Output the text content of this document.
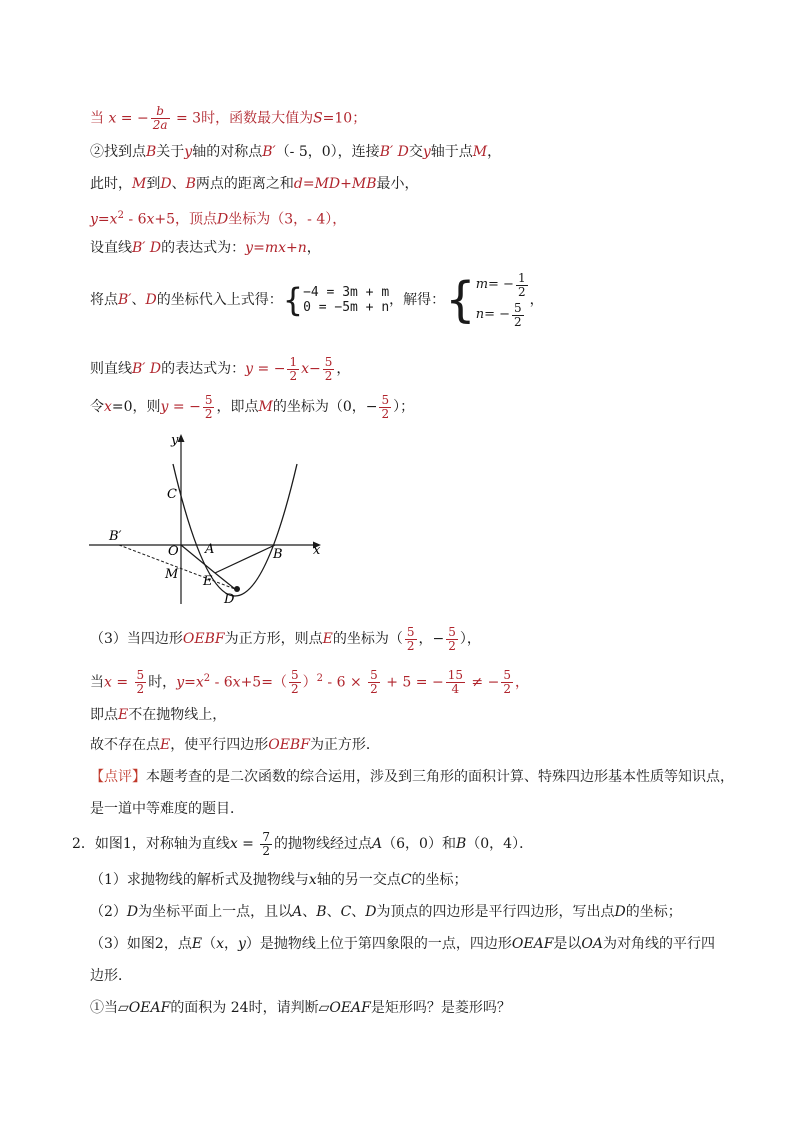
当 x = − $\frac{b}{2a} = 3$时，函数最大值为S=10；
②找到点B关于y轴的对称点B′（- 5，0），连接B′ D交y轴于点M，
此时，M到D、B两点的距离之和d=MD+MB最小，
$y=x^2 - 6x+5$，顶点D坐标为（3，- 4），
设直线B′ D的表达式为：y=mx+n，
将点B′、D的坐标代入上式得：{ −4 = 3m + m
0 = −5m + n ，解得：{ m = − $\frac{1}{2}$
n = − $\frac{5}{2}$
，
则直线B′ D的表达式为：y = − $\frac{1}{2} x- \frac{5}{2}$ ，
令x=0，则y = − $\frac{5}{2}$ ，即点M的坐标为（0，− $\frac{5}{2}$ ）；
y
x
C
B′
O A	B
M E
D
（3）当四边形OEBF为正方形，则点E的坐标为（ $\frac{5}{2}$ ，− $\frac{5}{2}$ ），
当$x = \frac{5}{2}$ 时，$y=x^2 - 6x+5=( \frac{5}{2} )^2 - 6 \times \frac{5}{2} + 5$ = − $\frac{15}{4}$ ≠ − $\frac{5}{2}$ ，
即点E不在抛物线上，
故不存在点E，使平行四边形OEBF为正方形．
【点评】本题考查的是二次函数的综合运用，涉及到三角形的面积计算、特殊四边形基本性质等知识点，
是一道中等难度的题目．
2．如图1，对称轴为直线$x = \frac{7}{2}$ 的抛物线经过点A（6，0）和B（0，4）．
（1）求抛物线的解析式及抛物线与x轴的另一交点C的坐标；
（2）D为坐标平面上一点，且以A、B、C、D为顶点的四边形是平行四边形，写出点D的坐标；
（3）如图2，点E（x，y）是抛物线上位于第四象限的一点，四边形OEAF是以OA为对角线的平行四
边形．
①当▱OEAF的面积为 24时，请判断▱OEAF是矩形吗？是菱形吗？
